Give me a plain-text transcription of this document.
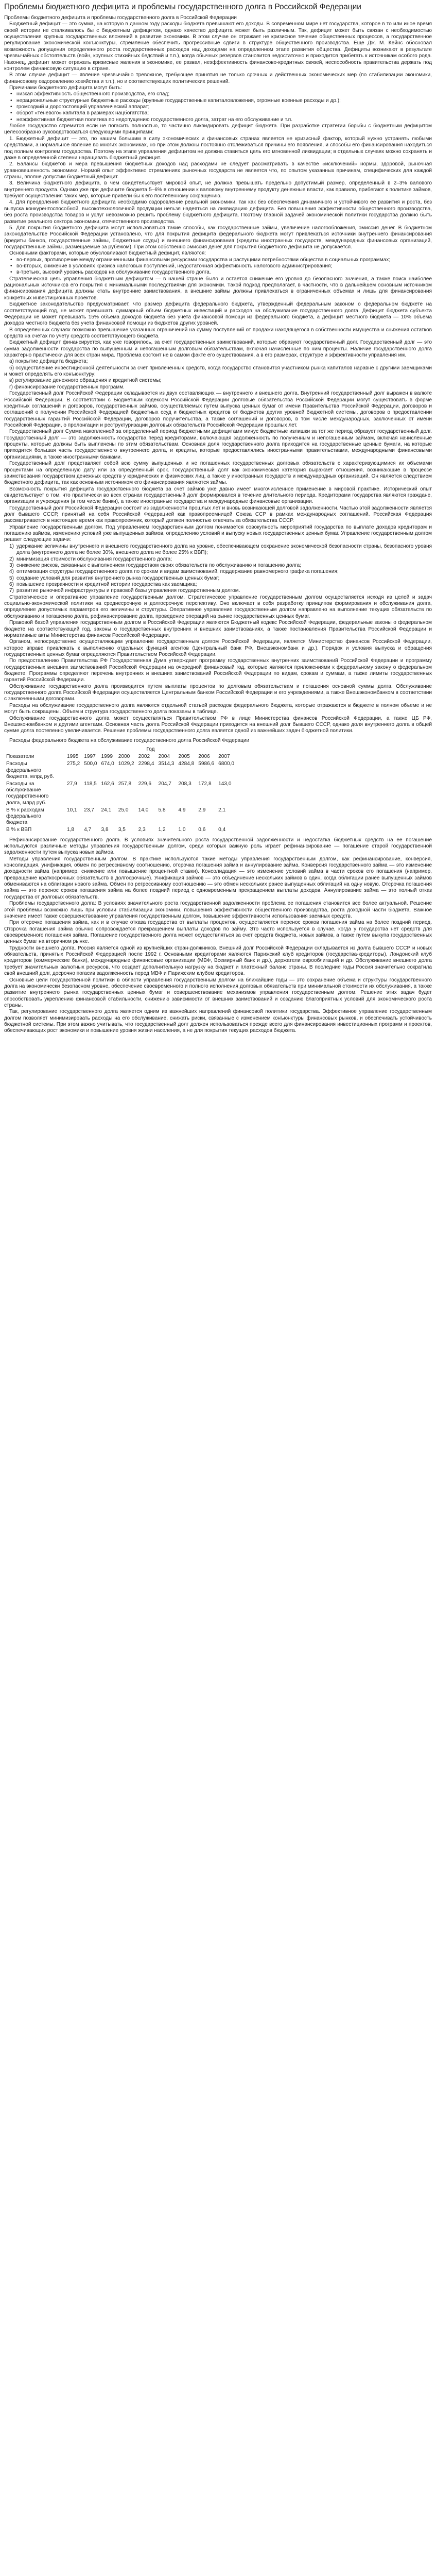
Проблемы бюджетного дефицита и проблемы государственного долга в Российской Федерации

Проблемы бюджетного дефицита и проблемы государственного долга в Российской Федерации

Бюджетный дефицит — это сумма, на которую в данном году расходы бюджета превышают его доходы. В современном мире нет государства, которое в то или иное время своей истории не сталкивалось бы с бюджетным дефицитом, однако качество дефицита может быть различным. Так, дефицит может быть связан с необходимостью осуществления крупных государственных вложений в развитие экономики. В этом случае он отражает не кризисное течение общественных процессов, а государственное регулирование экономической конъюнктуры, стремление обеспечить прогрессивные сдвиги в структуре общественного производства. Еще Дж. М. Кейнс обосновал возможность допущения определенного роста государственных расходов над доходами на определенном этапе развития общества. Дефициты возникают в результате чрезвычайных обстоятельств (войн, крупных стихийных бедствий и т.п.), когда обычных резервов становится недостаточно и приходится прибегать к источникам особого рода. Наконец, дефицит может отражать кризисные явления в экономике, ее развал, неэффективность финансово-кредитных связей, неспособность правительства держать под контролем финансовую ситуацию в стране.

В этом случае дефицит — явление чрезвычайно тревожное, требующее принятия не только срочных и действенных экономических мер (по стабилизации экономики, финансовому оздоровлению хозяйства и т.п.), но и соответствующих политических решений.

Причинами бюджетного дефицита могут быть:

• низкая эффективность общественного производства, его спад;
• нерациональные структурные бюджетные расходы (крупные государственные капиталовложения, огромные военные расходы и др.);
• громоздкий и дорогостоящий управленческий аппарат;
• оборот «теневого» капитала в размерах нацбогатства;
• неэффективная бюджетная политика по недопущению государственного долга, затрат на его обслуживание и т.п.

Любое государство стремится если не погасить полностью, то частично ликвидировать дефицит бюджета. При разработке стратегии борьбы с бюджетным дефицитом целесообразно руководствоваться следующими принципами:

1. Бюджетный дефицит — это, по нашим большим в силу экономических и финансовых странах является не кризисный фактор, который нужно устранять любыми средствами, а нормальное явление во многих экономиках, но при этом должны постоянно отслеживаться причины его появления, и способы его финансирования находиться под полным контролем государства. Поэтому на этапе управления дефицитом не должна ставиться цель его мгновенной ликвидации; в отдельных случаях можно сохранять и даже в определенной степени наращивать бюджетный дефицит.

2. Балансы бюджетов и мера превышения бюджетных доходов над расходами не следует рассматривать в качестве «исключений» нормы, здоровой, рыночная уравновешенность экономики. Нормой опыт эффективно стремлениях рыночных государств не является что, по опытом указанных причинам, специфических для каждой страны, вполне допустим бюджетный дефицит.

3. Величина бюджетного дефицита, в чем свидетельствует мировой опыт, не должна превышать предельно допустимый размер, определенный в 2–3% валового внутреннего продукта. Однако уже при дефиците бюджета 5–6% в отношении к валовому внутреннему продукту денежные власти, как правило, прибегают к политике займов, требуют осуществления таких мер, которые привели бы к его постепенному сокращению.

4. Для преодоления бюджетного дефицита необходимо оздоровление реальной экономики, так как без обеспечения динамичного и устойчивого ее развития и роста, без выпуска конкурентоспособной, высокотехнологичной продукции нельзя надеяться на ликвидацию дефицита. Без повышения эффективности общественного производства, без роста производства товаров и услуг невозможно решить проблему бюджетного дефицита. Поэтому главной задачей экономической политики государства должно быть развитие реального сектора экономики, отечественного производства.

5. Для покрытия бюджетного дефицита могут использоваться такие способы, как государственные займы, увеличение налогообложения, эмиссия денег. В бюджетном законодательстве Российской Федерации установлено, что для покрытия дефицита федерального бюджета могут привлекаться источники внутреннего финансирования (кредиты банков, государственные займы, бюджетные ссуды) и внешнего финансирования (кредиты иностранных государств, международных финансовых организаций, государственные займы, размещаемые за рубежом). При этом собственно эмиссия денег для покрытия бюджетного дефицита не допускается.

Основными факторами, которые обусловливают бюджетный дефицит, являются:

• во-первых, противоречие между ограниченными финансовыми ресурсами государства и растущими потребностями общества в социальных программах;
• во-вторых, снижение в условиях кризиса налоговых поступлений, недостаточная эффективность налогового администрирования;
• в-третьих, высокий уровень расходов на обслуживание государственного долга.

Стратегическая цель управления бюджетным дефицитом — в нашей стране было и остается снижение его уровня до безопасного значения, а также поиск наиболее рациональных источников его покрытия с минимальными последствиями для экономики. Такой подход предполагает, в частности, что в дальнейшем основным источником финансирования дефицита должны стать внутренние заимствования, а внешние займы должны привлекаться в ограниченных объемах и лишь для финансирования конкретных инвестиционных проектов.

Бюджетное законодательство предусматривает, что размер дефицита федерального бюджета, утвержденный федеральным законом о федеральном бюджете на соответствующий год, не может превышать суммарный объем бюджетных инвестиций и расходов на обслуживание государственного долга. Дефицит бюджета субъекта Федерации не может превышать 15% объема доходов бюджета без учета финансовой помощи из федерального бюджета, а дефицит местного бюджета — 10% объема доходов местного бюджета без учета финансовой помощи из бюджетов других уровней.

В определенных случаях возможно превышение указанных ограничений на сумму поступлений от продажи находящегося в собственности имущества и снижения остатков средств на счетах по учету средств соответствующего бюджета.

Бюджетный дефицит финансируется, как уже говорилось, за счет государственных заимствований, которые образуют государственный долг. Государственный долг — это сумма задолженности государства по выпущенным и непогашенным долговым обязательствам, включая начисленные по ним проценты. Наличие государственного долга характерно практически для всех стран мира. Проблема состоит не в самом факте его существования, а в его размерах, структуре и эффективности управления им.

а) покрытие дефицита бюджета;

б) осуществление инвестиционной деятельности за счет привлеченных средств, когда государство становится участником рынка капиталов наравне с другими заемщиками и может определять его конъюнктуру;

в) регулирование денежного обращения и кредитной системы;

г) финансирование государственных программ.

Государственный долг Российской Федерации складывается из двух составляющих — внутреннего и внешнего долга. Внутренний государственный долг выражен в валюте Российской Федерации. В соответствии с Бюджетным кодексом Российской Федерации долговые обязательства Российской Федерации могут существовать в форме кредитных соглашений и договоров, государственных займов, осуществляемых путем выпуска ценных бумаг от имени Правительства Российской Федерации, договоров и соглашений о получении Российской Федерацией бюджетных ссуд и бюджетных кредитов от бюджетов других уровней бюджетной системы, договоров о предоставлении государственных гарантий Российской Федерации, договоров поручительства, а также соглашений и договоров, в том числе международных, заключенных от имени Российской Федерации, о пролонгации и реструктуризации долговых обязательств Российской Федерации прошлых лет.

Государственный долг Сумма накопленной за определенный период бюджетными дефицитами минус бюджетные излишки за тот же период образует государственный долг. Государственный долг — это задолженность государства перед кредиторами, включающая задолженность по полученным и непогашенным займам, включая начисленные проценты, которые должны быть выплачены по этим обязательствам. Основная доля государственного долга приходится на государственные ценные бумаги, на которые приходится большая часть государственного внутреннего долга, и кредиты, которые предоставлялись иностранными правительствами, международными финансовыми организациями, а также иностранными банками.

Государственный долг представляет собой всю сумму выпущенных и не погашенных государственных долговых обязательств с характеризующимися их объемами процентами на определенную дату или за определенный срок. Государственный долг как экономическая категория выражает отношения, возникающие в процессе заимствования государством денежных средств у юридических и физических лиц, а также у иностранных государств и международных организаций. Он является следствием бюджетного дефицита, так как основным источником его финансирования являются займы.

Возможность покрытия дефицита государственного бюджета за счет займов уже давно имеет многочисленное применение в мировой практике. Исторический опыт свидетельствует о том, что практически во всех странах государственный долг формировался в течение длительного периода. Кредиторами государства являются граждане, организации и учреждения (в том числе банки), а также иностранные государства и международные финансовые организации.

Государственный долг Российской Федерации состоит из задолженности прошлых лет и вновь возникающей долговой задолженности. Частью этой задолженности является долг бывшего СССР, принятый на себя Российской Федерацией как правопреемницей Союза ССР в рамках международных соглашений. Российская Федерация рассматривается в настоящее время как правопреемник, который должен полностью отвечать за обязательства СССР.

Управление государственным долгом. Под управлением государственным долгом понимается совокупность мероприятий государства по выплате доходов кредиторам и погашению займов, изменению условий уже выпущенных займов, определению условий и выпуску новых государственных ценных бумаг. Управление государственным долгом решает следующие задачи:

1) удержание величины внутреннего и внешнего государственного долга на уровне, обеспечивающем сохранение экономической безопасности страны, безопасного уровня долга (внутреннего долга не более 30%, внешнего долга не более 25% к ВВП);
2) минимизация стоимости обслуживания государственного долга;
3) снижение рисков, связанных с выполнением государством своих обязательств по обслуживанию и погашению долга;
4) оптимизация структуры государственного долга по срокам и видам заимствований, поддержание равномерного графика погашения;
5) создание условий для развития внутреннего рынка государственных ценных бумаг;
6) повышение прозрачности и кредитной истории государства как заемщика;
7) развитие рыночной инфраструктуры и правовой базы управления государственным долгом.

Стратегическое и оперативное управление государственным долгом. Стратегическое управление государственным долгом осуществляется исходя из целей и задач социально-экономической политики на среднесрочную и долгосрочную перспективу. Оно включает в себя разработку принципов формирования и обслуживания долга, определение допустимых параметров его величины и структуры. Оперативное управление государственным долгом направлено на выполнение текущих обязательств по обслуживанию и погашению долга, рефинансирование долга, проведение операций на рынке государственных ценных бумаг.

Правовой базой управления государственным долгом в Российской Федерации являются Бюджетный кодекс Российской Федерации, федеральные законы о федеральном бюджете на соответствующий год, законы о государственных внутренних и внешних заимствованиях, а также постановления Правительства Российской Федерации и нормативные акты Министерства финансов Российской Федерации.

Органом, непосредственно осуществляющим управление государственным долгом Российской Федерации, является Министерство финансов Российской Федерации, которое вправе привлекать к выполнению отдельных функций агентов (Центральный банк РФ, Внешэкономбанк и др.). Порядок и условия выпуска и обращения государственных ценных бумаг определяются Правительством Российской Федерации.

По предоставлению Правительства РФ Государственная Дума утверждает программу государственных внутренних заимствований Российской Федерации и программу государственных внешних заимствований Российской Федерации на очередной финансовый год, которые являются приложениями к федеральному закону о федеральном бюджете. Программы определяют перечень внутренних и внешних заимствований Российской Федерации по видам, срокам и суммам, а также лимиты государственных гарантий Российской Федерации.

Обслуживание государственного долга производится путем выплаты процентов по долговым обязательствам и погашения основной суммы долга. Обслуживание государственного долга Российской Федерации осуществляется Центральным банком Российской Федерации и его учреждениями, а также Внешэкономбанком в соответствии с заключенными договорами.

Расходы на обслуживание государственного долга являются отдельной статьей расходов федерального бюджета, которые отражаются в бюджете в полном объеме и не могут быть сокращены. Объем и структура государственного долга показаны в таблице.

Обслуживание государственного долга может осуществляться Правительством РФ в лице Министерства финансов Российской Федерации, а также ЦБ РФ, Внешэкономбанком и другими агентами. Основная часть долга Российской Федерации приходится на внешний долг бывшего СССР, однако доля внутреннего долга в общей сумме долга постепенно увеличивается. Решение проблемы государственного долга является одной из важнейших задач бюджетной политики.

Расходы федерального бюджета на обслуживание государственного долга Российской Федерации

	Год								
Показатели	1995	1997	1999	2000	2002	2004	2005	2006	2007
Расходы федерального бюджета, млрд руб.	275,2	500,0	674,0	1029,2	2298,4	3514,3	4284,8	5986,6	6800,0
Расходы на обслуживание государственного долга, млрд руб.	27,9	118,5	162,6	257,8	229,6	204,7	208,3	172,8	143,0
В % к расходам федерального бюджета	10,1	23,7	24,1	25,0	14,0	5,8	4,9	2,9	2,1
В % к ВВП	1,8	4,7	3,8	3,5	2,3	1,2	1,0	0,6	0,4

Рефинансирование государственного долга. В условиях значительного роста государственной задолженности и недостатка бюджетных средств на ее погашение используются различные методы управления государственным долгом, среди которых важную роль играет рефинансирование — погашение старой государственной задолженности путем выпуска новых займов.

Методы управления государственным долгом. В практике используются такие методы управления государственным долгом, как рефинансирование, конверсия, консолидация, унификация, обмен по регрессивному соотношению, отсрочка погашения займа и аннулирование займа. Конверсия государственного займа — это изменение доходности займа (например, снижение или повышение процентной ставки). Консолидация — это изменение условий займа в части сроков его погашения (например, превращение краткосрочных обязательств в долгосрочные). Унификация займов — это объединение нескольких займов в один, когда облигации ранее выпущенных займов обмениваются на облигации нового займа. Обмен по регрессивному соотношению — это обмен нескольких ранее выпущенных облигаций на одну новую. Отсрочка погашения займа — это перенос сроков погашения займа на более поздний период с одновременным прекращением выплаты доходов. Аннулирование займа — это полный отказ государства от долговых обязательств.

Проблемы государственного долга: В условиях значительного роста государственной задолженности проблема ее погашения становится все более актуальной. Решение этой проблемы возможно лишь при условии стабилизации экономики, повышения эффективности общественного производства, роста доходной части бюджета. Важное значение имеет также совершенствование управления государственным долгом, повышение эффективности использования заемных средств.

При отсрочке погашения займа, как и в случае отказа государства от выплаты процентов, осуществляется перенос сроков погашения займа на более поздний период. Отсрочка погашения займа обычно сопровождается прекращением выплаты доходов по займу. Это часто используется в случае, когда у государства нет средств для своевременного погашения займа. Погашение государственного долга может осуществляться за счет средств бюджета, новых займов, а также путем выкупа государственных ценных бумаг на вторичном рынке.

Трудности внешнего долга. Россия является одной из крупнейших стран-должников. Внешний долг Российской Федерации складывается из долга бывшего СССР и новых обязательств, принятых Российской Федерацией после 1992 г. Основными кредиторами являются Парижский клуб кредиторов (государства-кредиторы), Лондонский клуб кредиторов (коммерческие банки), международные финансовые организации (МВФ, Всемирный банк и др.), держатели еврооблигаций и др. Обслуживание внешнего долга требует значительных валютных ресурсов, что создает дополнительную нагрузку на бюджет и платежный баланс страны. В последние годы Россия значительно сократила свой внешний долг, досрочно погасив задолженность перед МВФ и Парижским клубом кредиторов.

Основные цели государственной политики в области управления государственным долгом на ближайшие годы — это сохранение объема и структуры государственного долга на экономически безопасном уровне, обеспечение своевременного и полного исполнения долговых обязательств при минимальной стоимости их обслуживания, а также развитие внутреннего рынка государственных ценных бумаг и совершенствование механизмов управления государственным долгом. Решение этих задач будет способствовать укреплению финансовой стабильности, снижению зависимости от внешних заимствований и созданию благоприятных условий для экономического роста страны.

Так, регулирование государственного долга является одним из важнейших направлений финансовой политики государства. Эффективное управление государственным долгом позволяет минимизировать расходы на его обслуживание, снижать риски, связанные с изменением конъюнктуры финансовых рынков, и обеспечивать устойчивость бюджетной системы. При этом важно учитывать, что государственный долг должен использоваться прежде всего для финансирования инвестиционных программ и проектов, обеспечивающих рост экономики и повышение уровня жизни населения, а не для покрытия текущих расходов бюджета.
